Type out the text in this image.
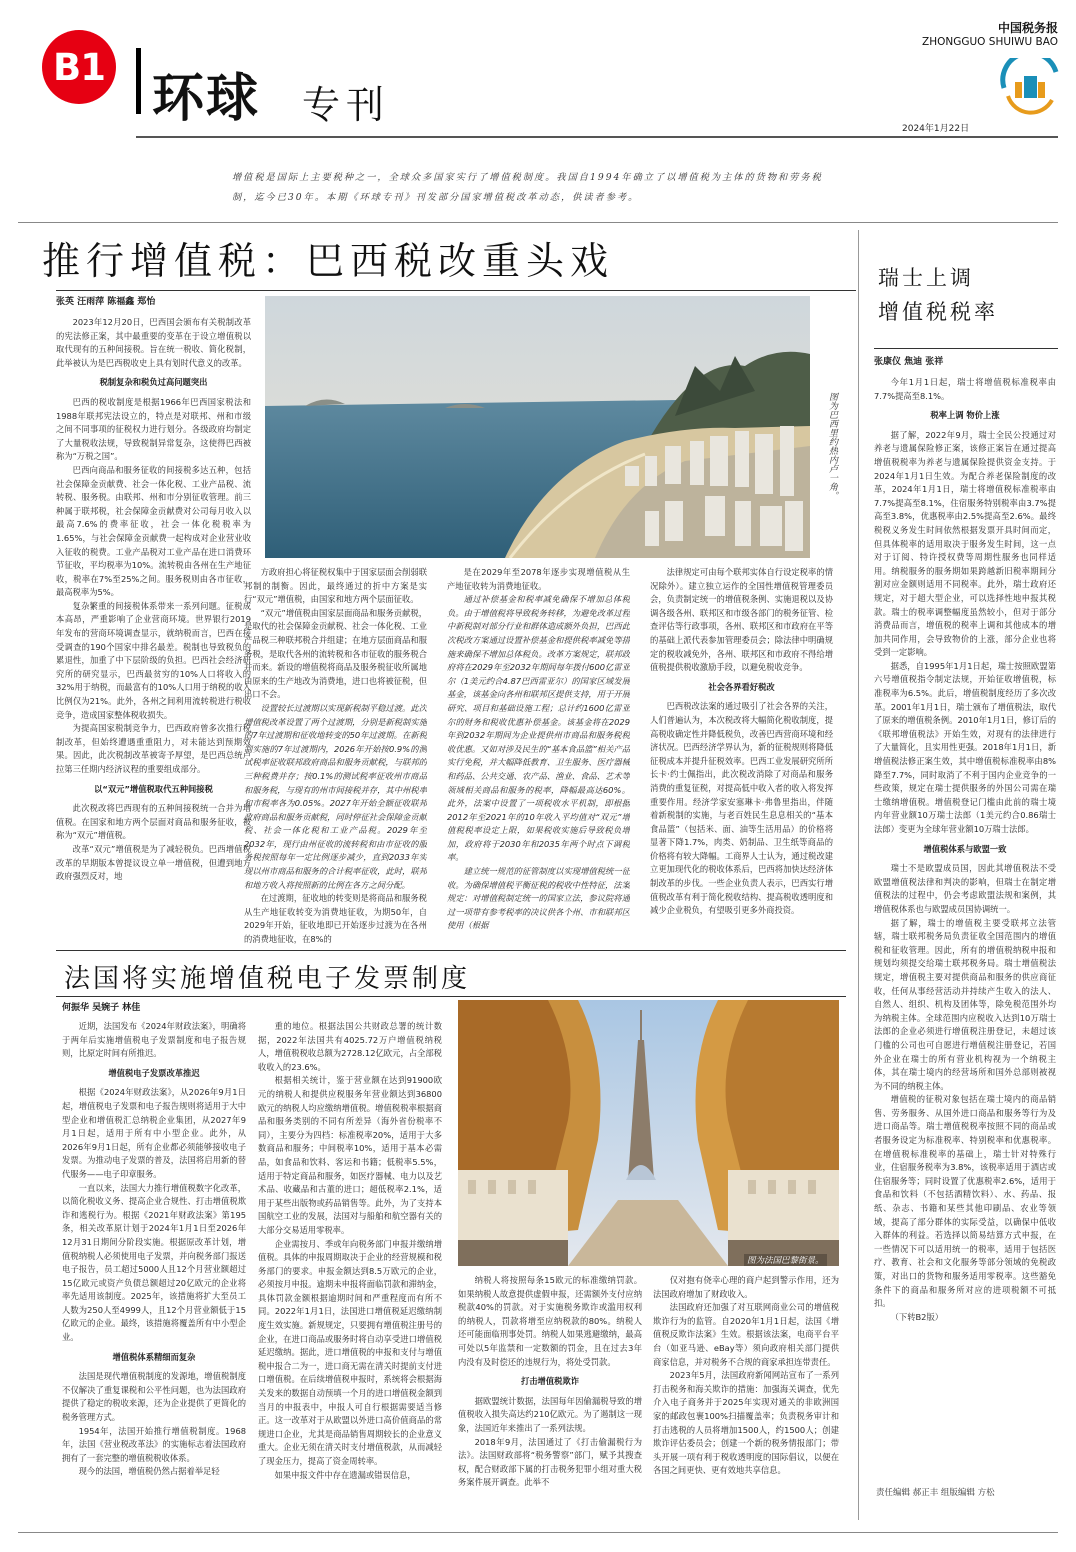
B1
环球 专刊
中国税务报
ZHONGGUO SHUIWU BAO
2024年1月22日
增值税是国际上主要税种之一，全球众多国家实行了增值税制度。我国自1994年确立了以增值税为主体的货物和劳务税制，迄今已30年。本期《环球专刊》刊发部分国家增值税改革动态，供读者参考。
推行增值税：巴西税改重头戏
张英 汪雨萍 陈福鑫 郑怡
图为巴西里约热内卢一角。

2023年12月20日，巴西国会颁布有关税制改革的宪法修正案，其中最重要的变革在于设立增值税以取代现有的五种间接税。旨在统一税收、简化税制，此举被认为是巴西税收史上具有划时代意义的改革。

税制复杂和税负过高问题突出

巴西的税收制度是根据1966年巴西国家税法和1988年联邦宪法设立的，特点是对联邦、州和市级之间不同事项的征税权力进行划分。各级政府均制定了大量税收法规，导致税制异常复杂，这使得巴西被称为“万税之国”。

巴西向商品和服务征收的间接税多达五种，包括社会保障金贡献费、社会一体化税、工业产品税、流转税、服务税。由联邦、州和市分别征收管理。前三种属于联邦税，社会保障金贡献费对公司每月收入以最高7.6%的费率征收，社会一体化税税率为1.65%，与社会保障金贡献费一起构成对企业营业收入征收的税费。工业产品税对工业产品在进口消费环节征收，平均税率为10%。流转税由各州在生产地征收，税率在7%至25%之间。服务税则由各市征收，最高税率为5%。

复杂繁重的间接税体系带来一系列问题。征税成本高昂，严重影响了企业营商环境。世界银行2019年发布的营商环境调查显示，就纳税而言，巴西在接受调查的190个国家中排名最差。税制也导致税负的累退性，加重了中下层阶级的负担。巴西社会经济研究所的研究显示，巴西最贫穷的10%人口将收入的32%用于纳税，而最富有的10%人口用于纳税的收入比例仅为21%。此外，各州之间利用流转税进行税收竞争，造成国家整体税收损失。

为提高国家税制竞争力，巴西政府曾多次推行税制改革，但始终遭遇重重阻力，对未能达到预期效果。因此，此次税制改革被寄予厚望，是巴西总统卢拉第三任期内经济议程的重要组成部分。

以“双元”增值税取代五种间接税

此次税改将巴西现有的五种间接税统一合并为增值税。在国家和地方两个层面对商品和服务征收，被称为“双元”增值税。

改革“双元”增值税是为了减轻税负。巴西增值税改革的早期版本曾提议设立单一增值税，但遭到地方政府强烈反对，地

方政府担心将征税权集中于国家层面会削弱联邦制的制衡。因此，最终通过的折中方案是实行“双元”增值税，由国家和地方两个层面征收。

“双元”增值税由国家层面商品和服务贡献税，是取代的社会保障金贡献税、社会一体化税、工业产品税三种联邦税合并组建；在地方层面商品和服务税，是取代各州的流转税和各市征收的服务税合并而来。新设的增值税将商品及服务税征收所属地由原来的生产地改为消费地，进口也将被征税，但出口不会。

设置较长过渡期以实现新税制平稳过渡。此次增值税改革设置了两个过渡期，分别是新税制实施的7年过渡期和征收地转变的50年过渡期。在新税制实施的7年过渡期内，2026年开始按0.9%的测试税率征收联邦政府商品和服务贡献税，与联邦的三种税费并存；按0.1%的测试税率征收州市商品和服务税，与现有的州市间接税并存，其中州税率和市税率各为0.05%。2027年开始全额征收联邦政府商品和服务贡献税，同时停征社会保障金贡献税、社会一体化税和工业产品税。2029年至2032年，现行由州征收的流转税和由市征收的服务税按照每年一定比例逐步减少，直到2033年实现以州市商品和服务的合计税率征收，此时，联邦和地方收入将按照新的比例在各方之间分配。

在过渡期，征收地的转变则是将商品和服务税从生产地征收转变为消费地征收，为期50年，自2029年开始，征收地即已开始逐步过渡为在各州的消费地征收，在8%的

是在2029年至2078年逐步实现增值税从生产地征收转为消费地征收。

通过补偿基金和税率减免确保不增加总体税负。由于增值税将导致税务转移，为避免改革过程中新税制对部分行业和群体造成额外负担，巴西此次税改方案通过设置补偿基金和提供税率减免等措施来确保不增加总体税负。改革方案规定，联邦政府将在2029年至2032年期间每年拨付600亿雷亚尔（1美元约合4.87巴西雷亚尔）的国家区域发展基金，该基金向各州和联邦区提供支持，用于开展研究、项目和基础设施工程；总计约1600亿雷亚尔的财务和税收优惠补偿基金。该基金将在2029年到2032年期间为企业提供州市商品和服务税税收优惠。又如对涉及民生的“基本食品篮”相关产品实行免税，并大幅降低教育、卫生服务、医疗器械和药品、公共交通、农产品、渔业、食品、艺术等领域相关商品和服务的税率，降幅最高达60%。此外，法案中设置了一项税收水平机制，即根据2012年至2021年的10年收入平均值对“双元”增值税税率设定上限，如果税收实施后导致税负增加，政府将于2030年和2035年两个时点下调税率。

建立统一规范的征管制度以实现增值税统一征收。为确保增值税平衡征税的税收中性特征，法案规定：对增值税制定统一的国家立法，参议院将通过一项带有参考税率的决议供各个州、市和联邦区使用（根据

法律规定可由每个联邦实体自行设定税率的情况除外）。建立独立运作的全国性增值税管理委员会，负责制定统一的增值税条例、实施退税以及协调各级各州、联邦区和市级各部门的税务征管、检查评估等行政事项，各州、联邦区和市政府在平等的基础上派代表参加管理委员会；除法律中明确规定的税收减免外，各州、联邦区和市政府不得给增值税提供税收激励手段，以避免税收竞争。

社会各界看好税改

巴西税改法案的通过吸引了社会各界的关注，人们普遍认为，本次税改将大幅简化税收制度，提高税收确定性并降低税负，改善巴西营商环境和经济状况。巴西经济学界认为，新的征税规则将降低征税成本并提升征税效率。巴西工业发展研究所所长卡·约士佩指出，此次税改消除了对商品和服务消费的重复征税，对提高低中收入者的收入将发挥重要作用。经济学家安塞琳卡·弗鲁里指出，伴随着新税制的实施，与老百姓民生息息相关的“基本食品篮”（包括米、面、油等生活用品）的价格将显著下降1.7%，肉类、奶制品、卫生纸等商品的价格将有较大降幅。工商界人士认为，通过税改建立更加现代化的税收体系后，巴西将加快达经济体制改革的步伐。一些企业负责人表示，巴西实行增值税改革有利于简化税收结构、提高税收透明度和减少企业税负，有望吸引更多外商投资。

瑞士上调
增值税税率
张康仪 焦迪 张祥

今年1月1日起，瑞士将增值税标准税率由7.7%提高至8.1%。

税率上调 物价上涨

据了解，2022年9月，瑞士全民公投通过对养老与遗属保险修正案，该修正案旨在通过提高增值税税率为养老与遗属保险提供资金支持。于2024年1月1日生效。为配合养老保险制度的改革，2024年1月1日，瑞士将增值税标准税率由7.7%提高至8.1%，住宿服务特别税率由3.7%提高至3.8%，优惠税率由2.5%提高至2.6%。最终税税义务发生时间依然根据发票开具时间而定，但具体税率的适用取决于服务发生时间，这一点对于订阅、特许授权费等周期性服务也同样适用。纳税服务的服务期如果跨越新旧税率期间分割对应金额则适用不同税率。此外，瑞士政府还规定，对于超大型企业，可以选择性地申报其税款。瑞士的税率调整幅度虽然较小，但对于部分消费品而言，增值税的税率上调和其他成本的增加共同作用，会导致物价的上涨，部分企业也将受到一定影响。

据悉，自1995年1月1日起，瑞士按照欧盟第六号增值税指令制定法规，开始征收增值税，标准税率为6.5%。此后，增值税制度经历了多次改革。2001年1月1日，瑞士颁布了增值税法，取代了原来的增值税条例。2010年1月1日，修订后的《联邦增值税法》开始生效，对现有的法律进行了大量简化，且实用性更强。2018年1月1日，新增值税法修正案生效，其中增值税标准税率由8%降至7.7%，同时取消了不利于国内企业竞争的一些政策，规定在瑞士提供服务的外国公司需在瑞士缴纳增值税。增值税登记门槛由此前的瑞士境内年营业额10万瑞士法郎（1美元约合0.86瑞士法郎）变更为全球年营业额10万瑞士法郎。

增值税体系与欧盟一致

瑞士不是欧盟成员国，因此其增值税法不受欧盟增值税法律和判决的影响，但瑞士在制定增值税法的过程中，仍会考虑欧盟法规和案例，其增值税体系也与欧盟成员国协调统一。

据了解，瑞士的增值税主要受联邦立法管辖，瑞士联邦税务局负责征收全国范围内的增值税和征收管理。因此，所有的增值税纳税申报和规划均须提交给瑞士联邦税务局。瑞士增值税法规定，增值税主要对提供商品和服务的供应商征收，任何从事经营活动并持续产生收入的法人、自然人、组织、机构及团体等，除免税范围外均为纳税主体。全球范围内应税收入达到10万瑞士法郎的企业必须进行增值税注册登记，未超过该门槛的公司也可自愿进行增值税注册登记，若国外企业在瑞士的所有营业机构视为一个纳税主体，其在瑞士境内的经营场所和国外总部则被视为不同的纳税主体。

增值税的征税对象包括在瑞士境内的商品销售、劳务服务、从国外进口商品和服务等行为及进口商品等。瑞士增值税税率按照不同的商品或者服务设定为标准税率、特别税率和优惠税率。在增值税标准税率的基础上，瑞士针对特殊行业，住宿服务税率为3.8%，该税率适用于酒店或住宿服务等；同时设置了优惠税率2.6%，适用于食品和饮料（不包括酒精饮料）、水、药品、报纸、杂志、书籍和某些其他印刷品、农业等领域，提高了部分群体的实际受益，以确保中低收入群体的利益。若选择以简易结算方式申报，在一些情况下可以适用统一的税率，适用于包括医疗、教育、社会和文化服务等部分领域的免税政策，对出口的货物和服务适用零税率。这些豁免条件下的商品和服务所对应的进项税额不可抵扣。

（下转B2版）

责任编辑 郝正丰 组版编辑 方松
法国将实施增值税电子发票制度
何振华 吴婉子 林佳
图为法国巴黎街景。

近期，法国发布《2024年财政法案》，明确将于两年后实施增值税电子发票制度和电子报告规则，比原定时间有所推迟。

增值税电子发票改革推迟

根据《2024年财政法案》，从2026年9月1日起，增值税电子发票和电子报告规则将适用于大中型企业和增值税汇总纳税企业集团，从2027年9月1日起，适用于所有中小型企业。此外，从2026年9月1日起，所有企业都必须能够接收电子发票。为推动电子发票的普及，法国将启用新的替代服务——电子印章服务。

一直以来，法国大力推行增值税数字化改革，以简化税收义务、提高企业合规性、打击增值税欺诈和逃税行为。根据《2021年财政法案》第195条，相关改革原计划于2024年1月1日至2026年12月31日期间分阶段实施。根据原改革计划，增值税纳税人必须使用电子发票，并向税务部门报送电子报告，员工超过5000人且12个月营业额超过15亿欧元或资产负债总额超过20亿欧元的企业将率先适用该制度。2025年，该措施将扩大至员工人数为250人至4999人，且12个月营业额低于15亿欧元的企业。最终，该措施将覆盖所有中小型企业。

增值税体系精细而复杂

法国是现代增值税制度的发源地，增值税制度不仅解决了重复课税和公平性问题，也为法国政府提供了稳定的税收来源，还为企业提供了更简化的税务管理方式。

1954年，法国开始推行增值税制度。1968年，法国《营业税改革法》的实施标志着法国政府拥有了一套完整的增值税税收体系。

现今的法国，增值税仍然占据着举足轻

重的地位。根据法国公共财政总署的统计数据，2022年法国共有4025.72万户增值税纳税人，增值税税收总额为2728.12亿欧元，占全部税收收入的23.6%。

根据相关统计，鉴于营业额在达到91900欧元的纳税人和提供应税服务年营业额达到36800欧元的纳税人均应缴纳增值税。增值税税率根据商品和服务类别的不同有所差异（海外省份税率不同），主要分为四档：标准税率20%，适用于大多数商品和服务；中间税率10%，适用于基本必需品，如食品和饮料、客运和书籍；低税率5.5%，适用于特定商品和服务，如医疗器械、电力以及艺术品、收藏品和古董的进口；超低税率2.1%，适用于某些出版物或药品销售等。此外，为了支持本国航空工业的发展，法国对与船舶和航空器有关的大部分交易适用零税率。

企业需按月、季或年向税务部门申报并缴纳增值税。具体的申报周期取决于企业的经营规模和税务部门的要求。申报金额达到8.5万欧元的企业，必须按月申报。逾期未申报将面临罚款和滞纳金，具体罚款金额根据逾期时间和严重程度而有所不同。2022年1月1日，法国进口增值税延迟缴纳制度生效实施。新规规定，只要拥有增值税注册号的企业，在进口商品或服务时将自动享受进口增值税延迟缴纳。据此，进口增值税的申报和支付与增值税申报合二为一，进口商无需在清关时提前支付进口增值税。在后续增值税申报时，系统将会根据海关发来的数据自动预填一个月的进口增值税金额到当月的申报表中，申报人可自行根据需要适当修正。这一改革对于从欧盟以外进口高价值商品的常规进口企业，尤其是商品销售周期较长的企业意义重大。企业无须在清关时支付增值税款，从而减轻了现金压力，提高了资金周转率。

如果申报文件中存在遗漏或错误信息，

纳税人将按照每条15欧元的标准缴纳罚款。如果纳税人故意提供虚假申报，还需额外支付应纳税款40%的罚款。对于实施税务欺诈或滥用权利的纳税人，罚款将增至应纳税款的80%。纳税人还可能面临刑事处罚。纳税人如果逃避缴纳，最高可处以5年监禁和一定数额的罚金，且在过去3年内没有及时偿还的违规行为，将处受罚款。

打击增值税欺诈

据欧盟统计数据，法国每年因偷漏税导致的增值税收入损失高达约210亿欧元。为了遏制这一现象，法国近年来推出了一系列法规。

2018年9月，法国通过了《打击偷漏税行为法》。法国财政部将“税务警察”部门，赋予其搜查权，配合财政部下属的打击税务犯罪小组对重大税务案件展开调查。此举不

仅对抱有侥幸心理的商户起到警示作用，还为法国政府增加了财政收入。

法国政府还加强了对互联网商业公司的增值税欺诈行为的监管。自2020年1月1日起，法国《增值税反欺诈法案》生效。根据该法案，电商平台平台（如亚马逊、eBay等）须向政府相关部门提供商家信息，并对税务不合规的商家承担连带责任。

2023年5月，法国政府新闻网站宣布了一系列打击税务和海关欺诈的措施：加强海关调查，优先介入电子商务并于2025年实现对通关的非欧洲国家的邮政包裹100%扫描覆盖率；负责税务审计和打击逃税的人员将增加1500人，约1500人；创建欺诈评估委员会；创建一个新的税务情报部门；带头开展一项有利于税收透明度的国际倡议，以便在各国之间更快、更有效地共享信息。
